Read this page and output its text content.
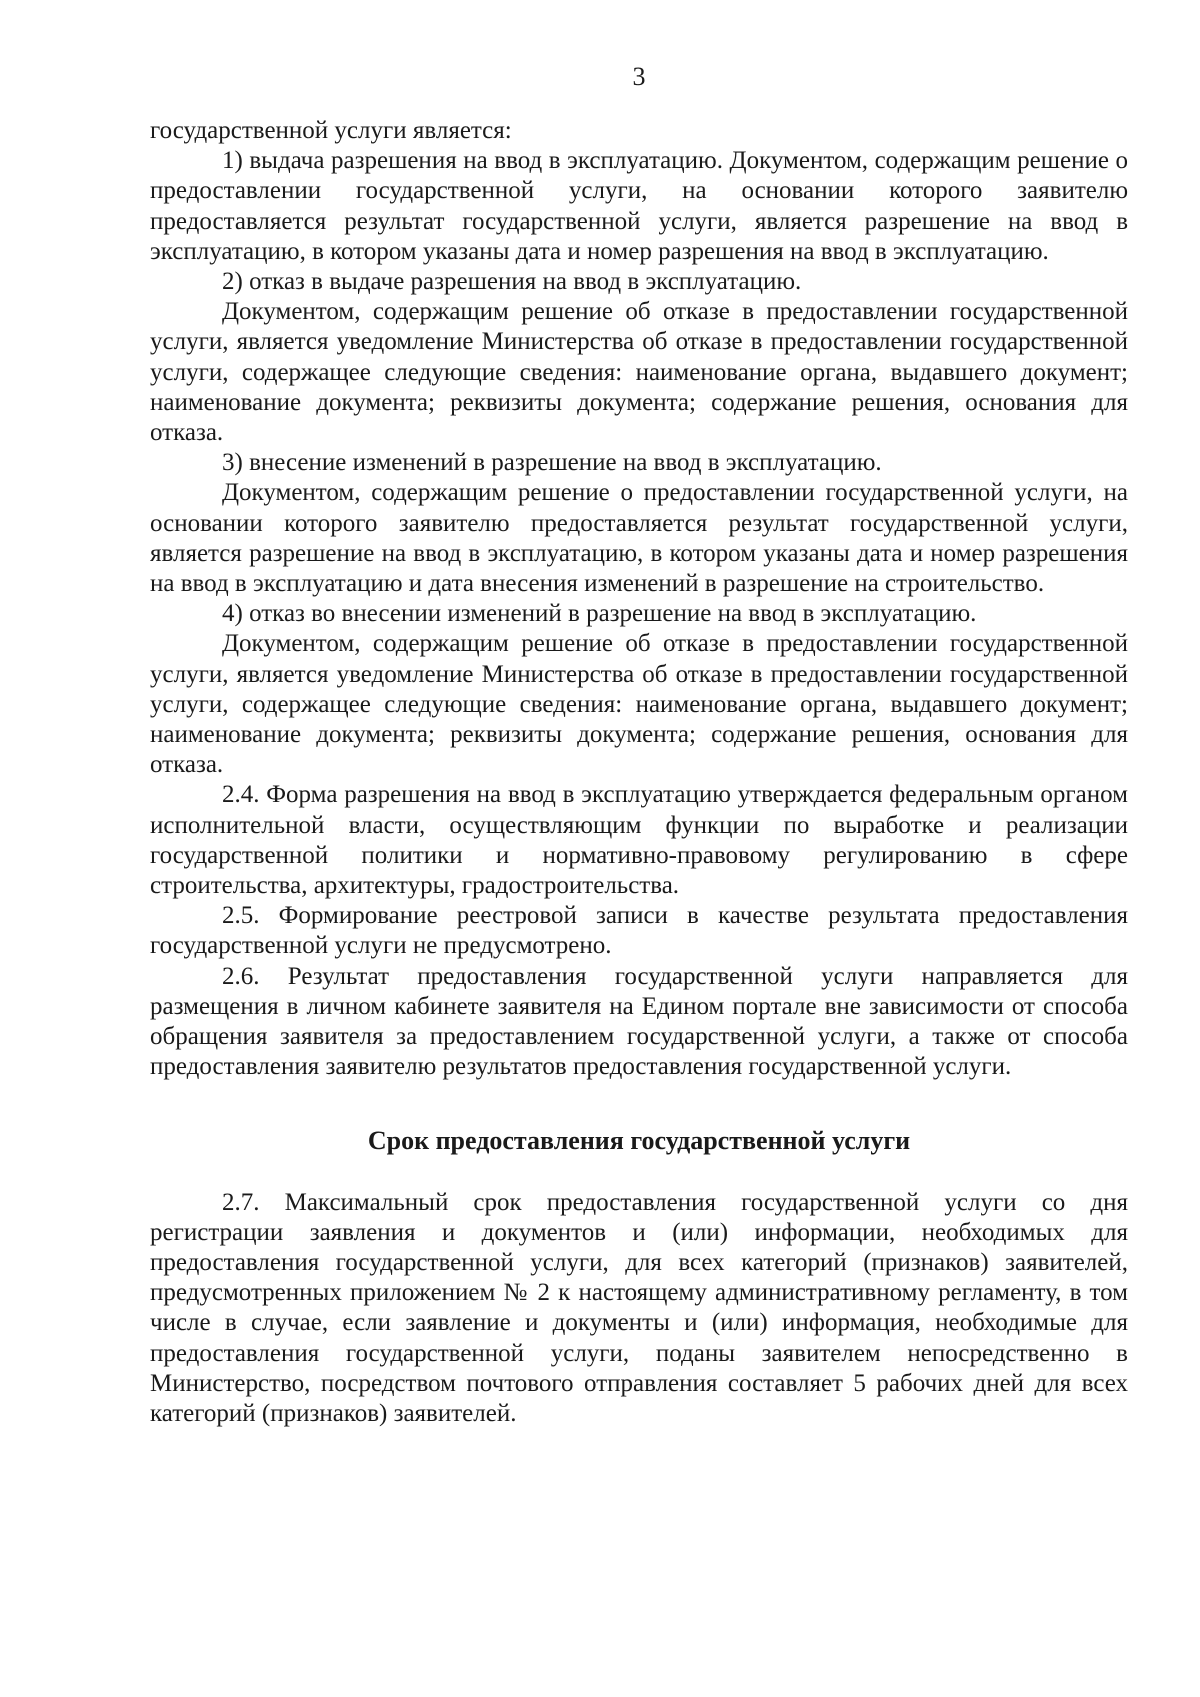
3

государственной услуги является:

1) выдача разрешения на ввод в эксплуатацию. Документом, содержащим решение о предоставлении государственной услуги, на основании которого заявителю предоставляется результат государственной услуги, является разрешение на ввод в эксплуатацию, в котором указаны дата и номер разрешения на ввод в эксплуатацию.

2) отказ в выдаче разрешения на ввод в эксплуатацию.

Документом, содержащим решение об отказе в предоставлении государственной услуги, является уведомление Министерства об отказе в предоставлении государственной услуги, содержащее следующие сведения: наименование органа, выдавшего документ; наименование документа; реквизиты документа; содержание решения, основания для отказа.

3) внесение изменений в разрешение на ввод в эксплуатацию.

Документом, содержащим решение о предоставлении государственной услуги, на основании которого заявителю предоставляется результат государственной услуги, является разрешение на ввод в эксплуатацию, в котором указаны дата и номер разрешения на ввод в эксплуатацию и дата внесения изменений в разрешение на строительство.

4) отказ во внесении изменений в разрешение на ввод в эксплуатацию.

Документом, содержащим решение об отказе в предоставлении государственной услуги, является уведомление Министерства об отказе в предоставлении государственной услуги, содержащее следующие сведения: наименование органа, выдавшего документ; наименование документа; реквизиты документа; содержание решения, основания для отказа.

2.4. Форма разрешения на ввод в эксплуатацию утверждается федеральным органом исполнительной власти, осуществляющим функции по выработке и реализации государственной политики и нормативно-правовому регулированию в сфере строительства, архитектуры, градостроительства.

2.5. Формирование реестровой записи в качестве результата предоставления государственной услуги не предусмотрено.

2.6. Результат предоставления государственной услуги направляется для размещения в личном кабинете заявителя на Едином портале вне зависимости от способа обращения заявителя за предоставлением государственной услуги, а также от способа предоставления заявителю результатов предоставления государственной услуги.

Срок предоставления государственной услуги

2.7. Максимальный срок предоставления государственной услуги со дня регистрации заявления и документов и (или) информации, необходимых для предоставления государственной услуги, для всех категорий (признаков) заявителей, предусмотренных приложением № 2 к настоящему административному регламенту, в том числе в случае, если заявление и документы и (или) информация, необходимые для предоставления государственной услуги, поданы заявителем непосредственно в Министерство, посредством почтового отправления составляет 5 рабочих дней для всех категорий (признаков) заявителей.
